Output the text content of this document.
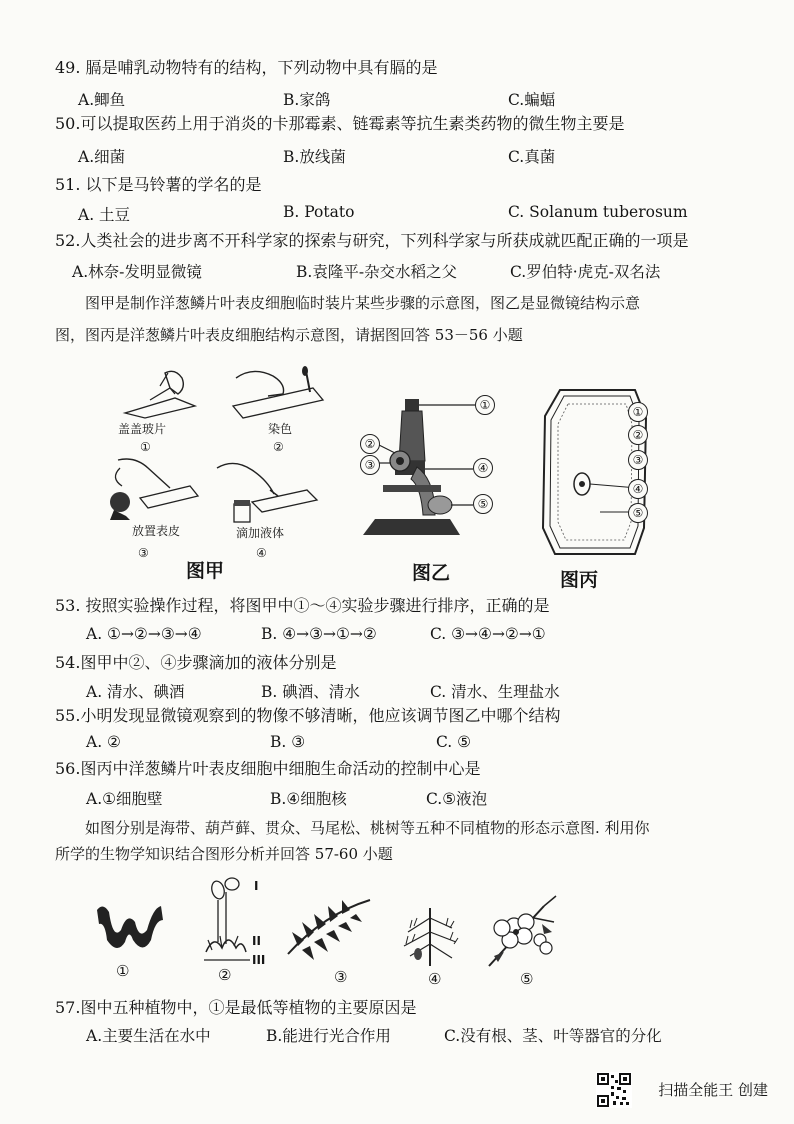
49. 膈是哺乳动物特有的结构，下列动物中具有膈的是
A.鲫鱼	B.家鸽	C.蝙蝠
50.可以提取医药上用于消炎的卡那霉素、链霉素等抗生素类药物的微生物主要是
A.细菌	B.放线菌	C.真菌
51. 以下是马铃薯的学名的是
A. 土豆	B. Potato	C. Solanum tuberosum
52.人类社会的进步离不开科学家的探索与研究，下列科学家与所获成就匹配正确的一项是
A.林奈-发明显微镜	B.袁隆平-杂交水稻之父	C.罗伯特·虎克-双名法
图甲是制作洋葱鳞片叶表皮细胞临时装片某些步骤的示意图，图乙是显微镜结构示意
图，图丙是洋葱鳞片叶表皮细胞结构示意图，请据图回答 53－56 小题
盖盖玻片
①
染色
②
放置表皮
③
滴加液体
④
图甲
①
②
③	④
⑤
图乙
①
②
③
④
⑤
图丙
53. 按照实验操作过程，将图甲中①～④实验步骤进行排序，正确的是
A. ①→②→③→④	B. ④→③→①→②	C. ③→④→②→①
54.图甲中②、④步骤滴加的液体分别是
A. 清水、碘酒	B. 碘酒、清水	C. 清水、生理盐水
55.小明发现显微镜观察到的物像不够清晰，他应该调节图乙中哪个结构
A. ②	B. ③	C. ⑤
56.图丙中洋葱鳞片叶表皮细胞中细胞生命活动的控制中心是
A.①细胞壁	B.④细胞核	C.⑤液泡
如图分别是海带、葫芦藓、贯众、马尾松、桃树等五种不同植物的形态示意图. 利用你
所学的生物学知识结合图形分析并回答 57-60 小题
①
I
II
III
②	③	④	⑤
57.图中五种植物中，①是最低等植物的主要原因是
A.主要生活在水中	B.能进行光合作用	C.没有根、茎、叶等器官的分化
扫描全能王 创建
